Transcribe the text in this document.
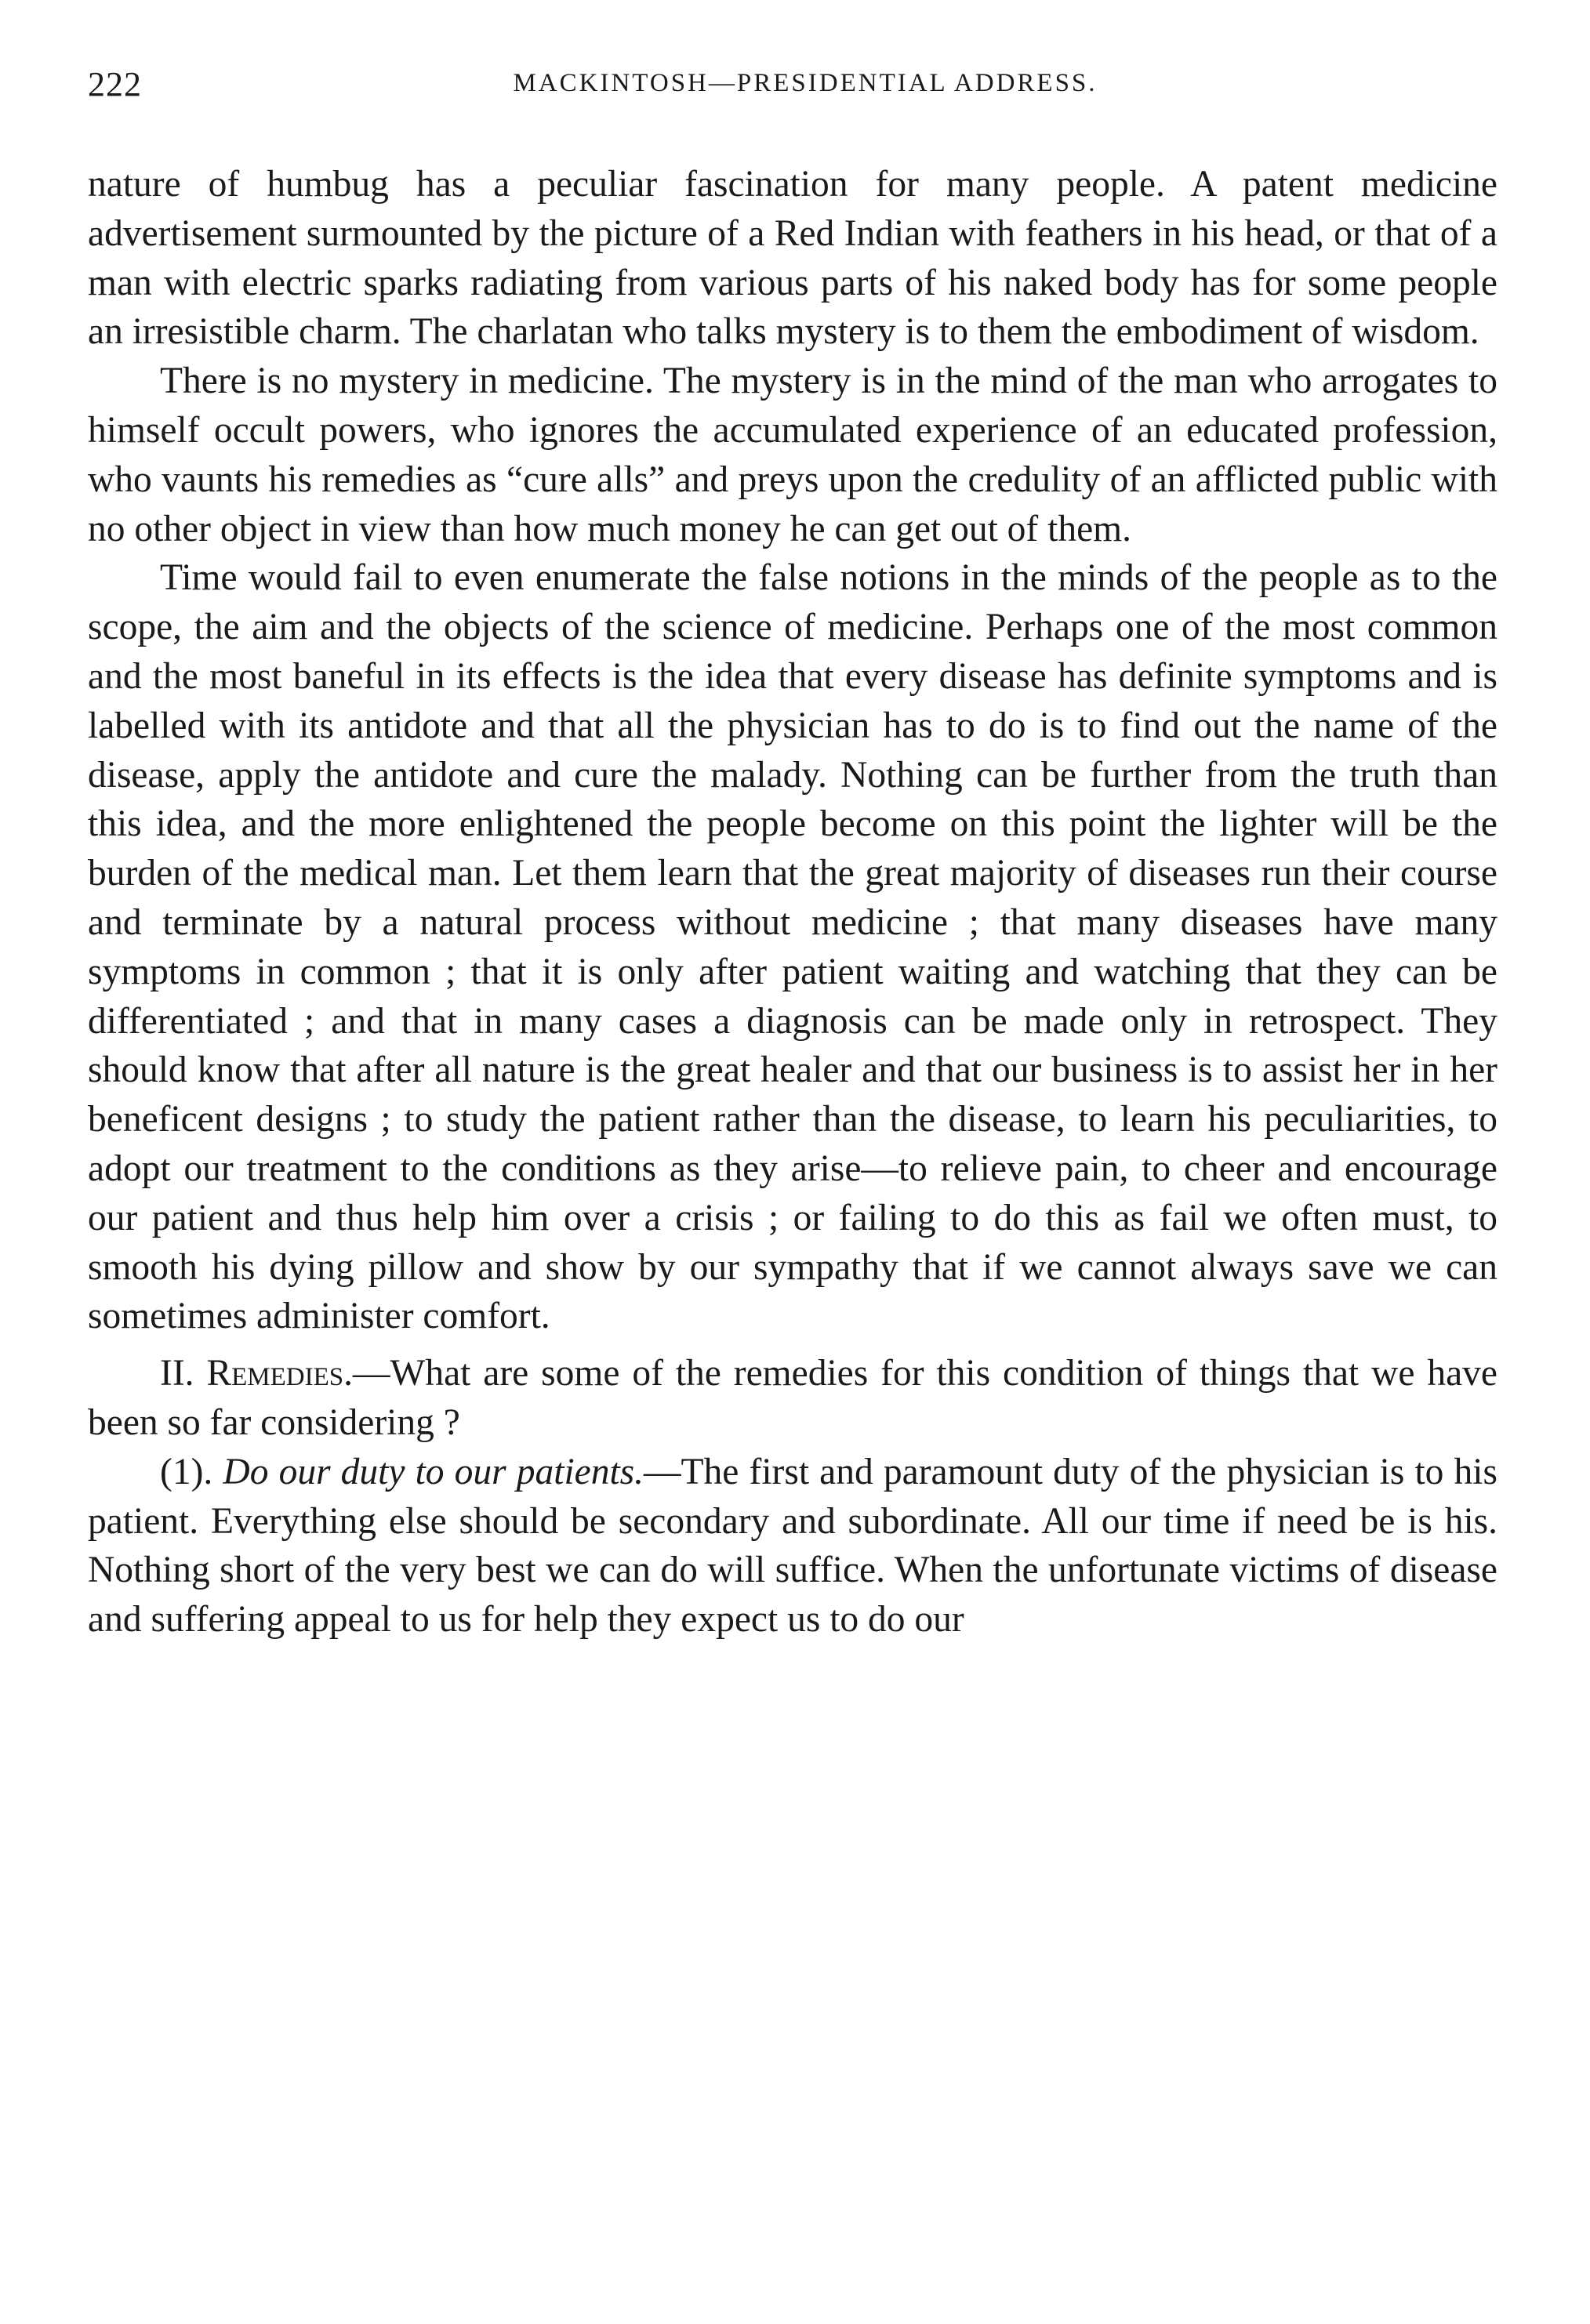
222	MACKINTOSH—PRESIDENTIAL ADDRESS.

nature of humbug has a peculiar fascination for many people. A patent medicine advertisement surmounted by the picture of a Red Indian with feathers in his head, or that of a man with electric sparks radiating from various parts of his naked body has for some people an irresistible charm. The charlatan who talks mystery is to them the embodiment of wisdom.

There is no mystery in medicine. The mystery is in the mind of the man who arrogates to himself occult powers, who ignores the accumulated experience of an educated profession, who vaunts his remedies as “cure alls” and preys upon the credulity of an afflicted public with no other object in view than how much money he can get out of them.

Time would fail to even enumerate the false notions in the minds of the people as to the scope, the aim and the objects of the science of medicine. Perhaps one of the most common and the most baneful in its effects is the idea that every disease has definite symptoms and is labelled with its antidote and that all the physician has to do is to find out the name of the disease, apply the antidote and cure the malady. Nothing can be further from the truth than this idea, and the more enlightened the people become on this point the lighter will be the burden of the medical man. Let them learn that the great majority of diseases run their course and terminate by a natural process without medicine ; that many diseases have many symptoms in common ; that it is only after patient waiting and watching that they can be differentiated ; and that in many cases a diagnosis can be made only in retrospect. They should know that after all nature is the great healer and that our business is to assist her in her beneficent designs ; to study the patient rather than the disease, to learn his peculiarities, to adopt our treatment to the conditions as they arise—to relieve pain, to cheer and encourage our patient and thus help him over a crisis ; or failing to do this as fail we often must, to smooth his dying pillow and show by our sympathy that if we cannot always save we can sometimes administer comfort.

II. Remedies.—What are some of the remedies for this condition of things that we have been so far considering ?

(1). Do our duty to our patients.—The first and paramount duty of the physician is to his patient. Everything else should be secondary and subordinate. All our time if need be is his. Nothing short of the very best we can do will suffice. When the unfortunate victims of disease and suffering appeal to us for help they expect us to do our
